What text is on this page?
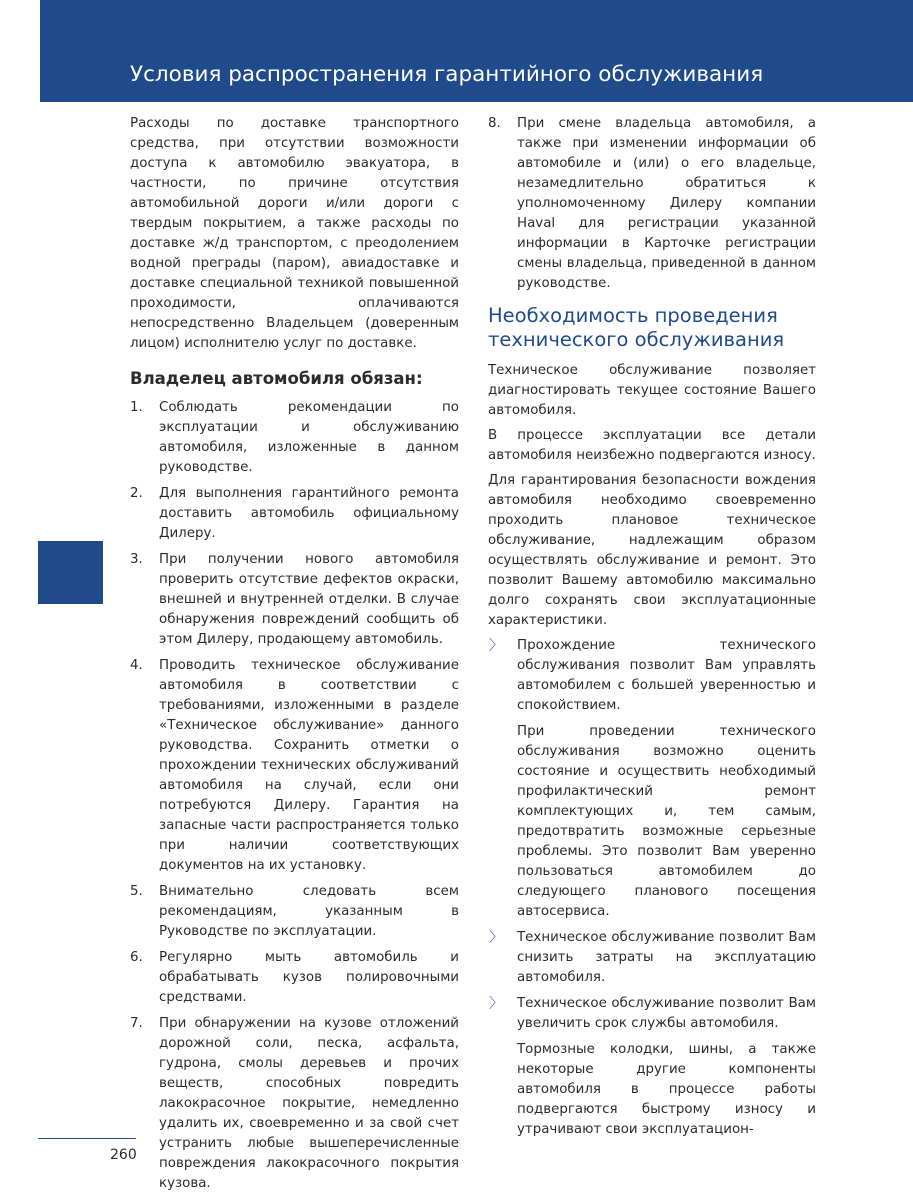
Условия распространения гарантийного обслуживания

Расходы по доставке транспортного средства, при отсутствии возможности доступа к автомобилю эвакуатора, в частности, по причине отсутствия автомобильной дороги и/или дороги с твердым покрытием, а также расходы по доставке ж/д транспортом, с преодолением водной преграды (паром), авиадоставке и доставке специальной техникой повышенной проходимости, оплачиваются непосредственно Владельцем (доверенным лицом) исполнителю услуг по доставке.

Владелец автомобиля обязан:
1. Соблюдать рекомендации по эксплуатации и обслуживанию автомобиля, изложенные в данном руководстве.
2. Для выполнения гарантийного ремонта доставить автомобиль официальному Дилеру.
3. При получении нового автомобиля проверить отсутствие дефектов окраски, внешней и внутренней отделки. В случае обнаружения повреждений сообщить об этом Дилеру, продающему автомобиль.
4. Проводить техническое обслуживание автомобиля в соответствии с требованиями, изложенными в разделе «Техническое обслуживание» данного руководства. Сохранить отметки о прохождении технических обслуживаний автомобиля на случай, если они потребуются Дилеру. Гарантия на запасные части распространяется только при наличии соответствующих документов на их установку.
5. Внимательно следовать всем рекомендациям, указанным в Руководстве по эксплуатации.
6. Регулярно мыть автомобиль и обрабатывать кузов полировочными средствами.
7. При обнаружении на кузове отложений дорожной соли, песка, асфальта, гудрона, смолы деревьев и прочих веществ, способных повредить лакокрасочное покрытие, немедленно удалить их, своевременно и за свой счет устранить любые вышеперечисленные повреждения лакокрасочного покрытия кузова.
8. При смене владельца автомобиля, а также при изменении информации об автомобиле и (или) о его владельце, незамедлительно обратиться к уполномоченному Дилеру компании Haval для регистрации указанной информации в Карточке регистрации смены владельца, приведенной в данном руководстве.
Необходимость проведения технического обслуживания

Техническое обслуживание позволяет диагностировать текущее состояние Вашего автомобиля.

В процессе эксплуатации все детали автомобиля неизбежно подвергаются износу.

Для гарантирования безопасности вождения автомобиля необходимо своевременно проходить плановое техническое обслуживание, надлежащим образом осуществлять обслуживание и ремонт. Это позволит Вашему автомобилю максимально долго сохранять свои эксплуатационные характеристики.

〉 Прохождение технического обслуживания позволит Вам управлять автомобилем с большей уверенностью и спокойствием.
При проведении технического обслуживания возможно оценить состояние и осуществить необходимый профилактический ремонт комплектующих и, тем самым, предотвратить возможные серьезные проблемы. Это позволит Вам уверенно пользоваться автомобилем до следующего планового посещения автосервиса.
〉 Техническое обслуживание позволит Вам снизить затраты на эксплуатацию автомобиля.
〉 Техническое обслуживание позволит Вам увеличить срок службы автомобиля.
Тормозные колодки, шины, а также некоторые другие компоненты автомобиля в процессе работы подвергаются быстрому износу и утрачивают свои эксплуатацион-
260
